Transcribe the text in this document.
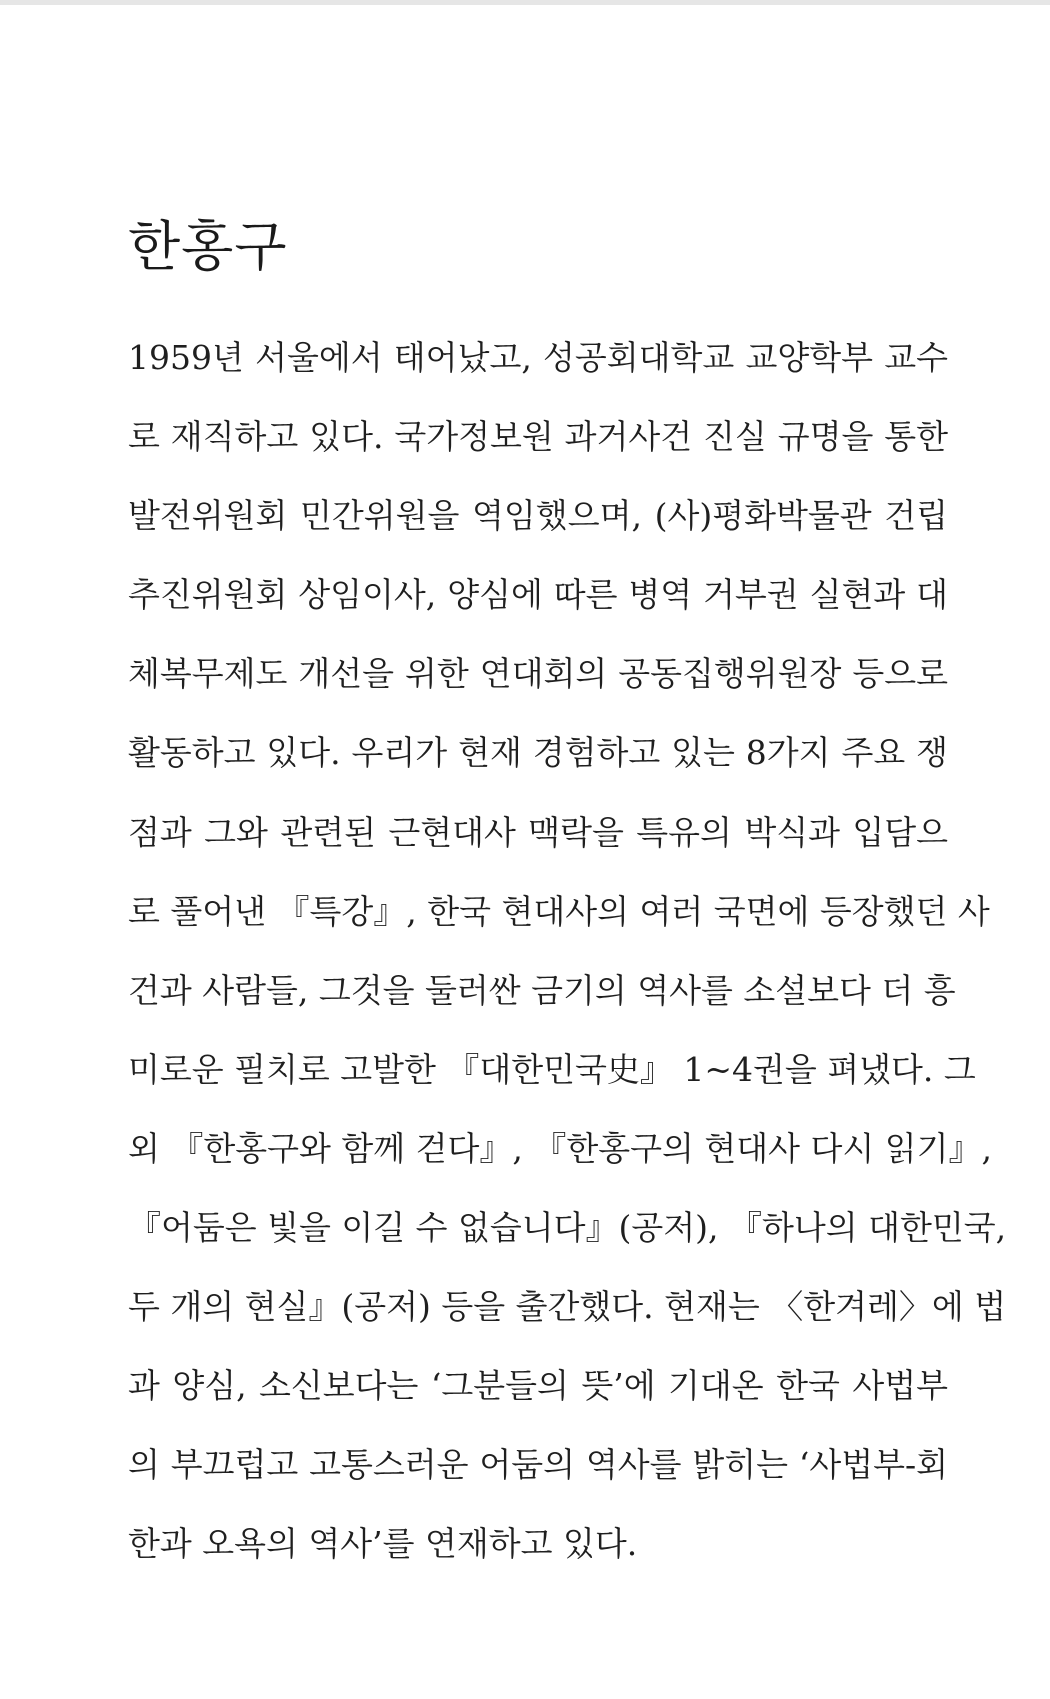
한홍구
1959년 서울에서 태어났고, 성공회대학교 교양학부 교수
로 재직하고 있다. 국가정보원 과거사건 진실 규명을 통한
발전위원회 민간위원을 역임했으며, (사)평화박물관 건립
추진위원회 상임이사, 양심에 따른 병역 거부권 실현과 대
체복무제도 개선을 위한 연대회의 공동집행위원장 등으로
활동하고 있다. 우리가 현재 경험하고 있는 8가지 주요 쟁
점과 그와 관련된 근현대사 맥락을 특유의 박식과 입담으
로 풀어낸 『특강』, 한국 현대사의 여러 국면에 등장했던 사
건과 사람들, 그것을 둘러싼 금기의 역사를 소설보다 더 흥
미로운 필치로 고발한 『대한민국史』 1~4권을 펴냈다. 그
외 『한홍구와 함께 걷다』, 『한홍구의 현대사 다시 읽기』,
『어둠은 빛을 이길 수 없습니다』(공저), 『하나의 대한민국,
두 개의 현실』(공저) 등을 출간했다. 현재는 〈한겨레〉에 법
과 양심, 소신보다는 ‘그분들의 뜻’에 기대온 한국 사법부
의 부끄럽고 고통스러운 어둠의 역사를 밝히는 ‘사법부-회
한과 오욕의 역사’를 연재하고 있다.
